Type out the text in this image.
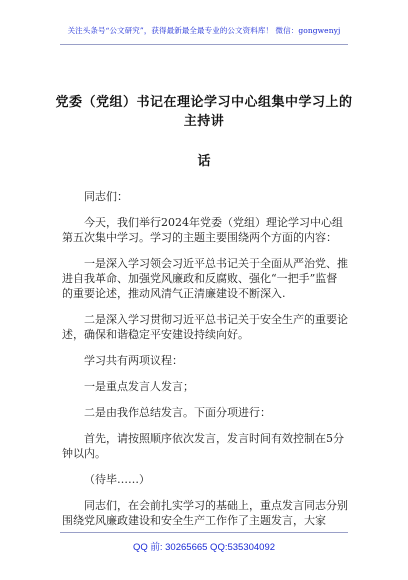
关注头条号“公文研究”，获得最新最全最专业的公文资料库！ 微信：gongwenyj
党委（党组）书记在理论学习中心组集中学习上的主持讲
话

同志们：

今天，我们举行2024年党委（党组）理论学习中心组第五次集中学习。学习的主题主要围绕两个方面的内容：

一是深入学习领会习近平总书记关于全面从严治党、推进自我革命、加强党风廉政和反腐败、强化“一把手”监督的重要论述，推动风清气正清廉建设不断深入.

二是深入学习贯彻习近平总书记关于安全生产的重要论述，确保和谐稳定平安建设持续向好。

学习共有两项议程：

一是重点发言人发言；

二是由我作总结发言。下面分项进行：

首先，请按照顺序依次发言，发言时间有效控制在5分钟以内。

（待毕……）

同志们，在会前扎实学习的基础上，重点发言同志分别围绕党风廉政建设和安全生产工作作了主题发言，大家

QQ 前: 30265665 QQ:535304092
